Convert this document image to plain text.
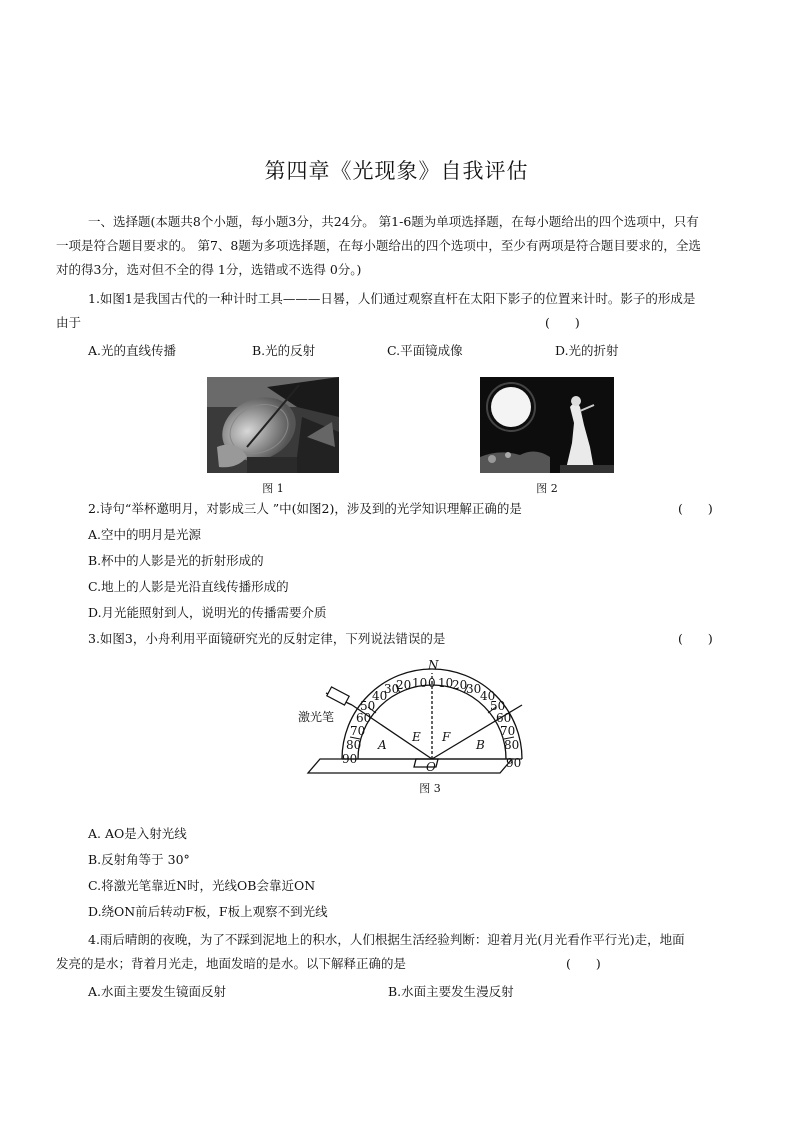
第四章《光现象》自我评估
一、选择题(本题共8个小题，每小题3分，共24分。 第1-6题为单项选择题，在每小题给出的四个选项中，只有
一项是符合题目要求的。 第7、8题为多项选择题，在每小题给出的四个选项中，至少有两项是符合题目要求的，全选
对的得3分，选对但不全的得 1分，选错或不选得 0分。)
1.如图1是我国古代的一种计时工具———日晷，人们通过观察直杆在太阳下影子的位置来计时。影子的形成是
由于	(　　)
A.光的直线传播	B.光的反射	C.平面镜成像	D.光的折射
图 1	图 2
2.诗句“举杯邀明月，对影成三人 ”中(如图2)，涉及到的光学知识理解正确的是	(　　)
A.空中的明月是光源
B.杯中的人影是光的折射形成的
C.地上的人影是光沿直线传播形成的
D.月光能照射到人，说明光的传播需要介质
3.如图3，小舟利用平面镜研究光的反射定律，下列说法错误的是	(　　)
N
激光笔
90
80
70
60
50
40
30
20 10 0 10
20
30
40
50
60
70
80
90
A
E F
B
O
图 3
A. AO是入射光线
B.反射角等于 30°
C.将激光笔靠近N时，光线OB会靠近ON
D.绕ON前后转动F板，F板上观察不到光线
4.雨后晴朗的夜晚，为了不踩到泥地上的积水，人们根据生活经验判断：迎着月光(月光看作平行光)走，地面
发亮的是水；背着月光走，地面发暗的是水。以下解释正确的是	(　　)
A.水面主要发生镜面反射	B.水面主要发生漫反射
